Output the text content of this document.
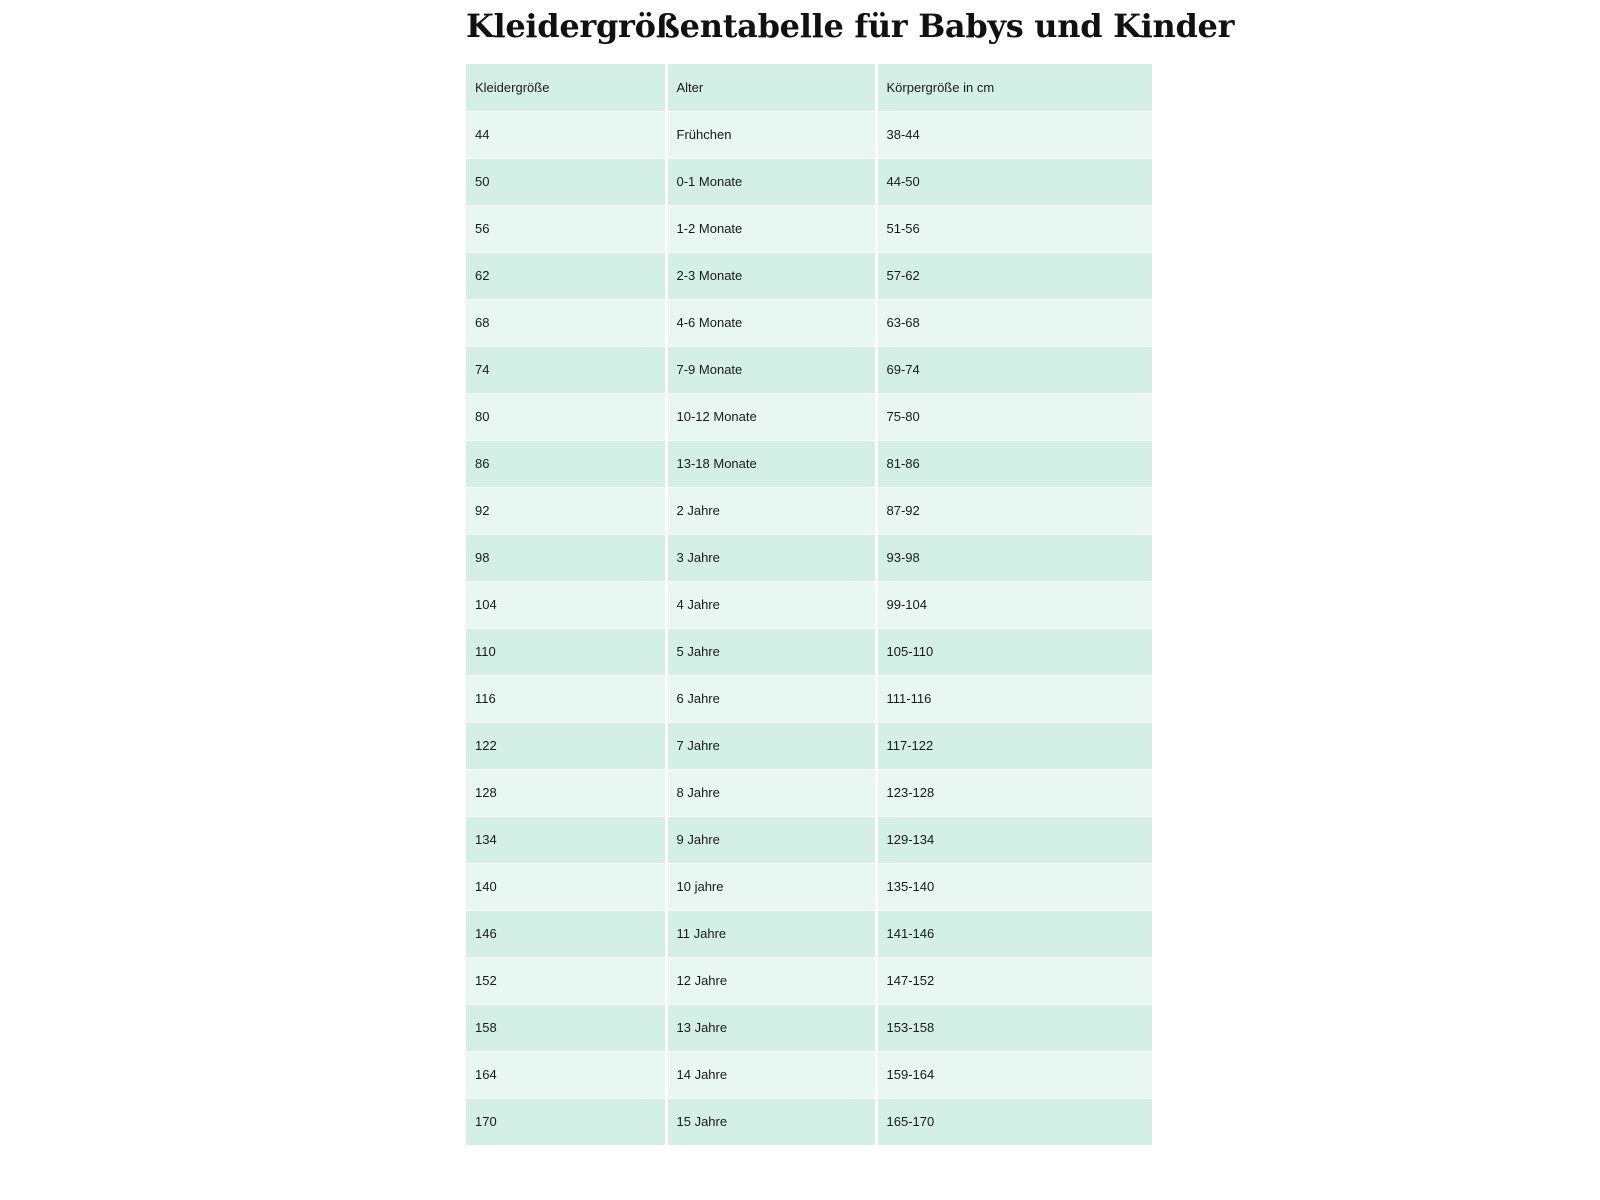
Kleidergrößentabelle für Babys und Kinder
Kleidergröße	Alter	Körpergröße in cm
44	Frühchen	38-44
50	0-1 Monate	44-50
56	1-2 Monate	51-56
62	2-3 Monate	57-62
68	4-6 Monate	63-68
74	7-9 Monate	69-74
80	10-12 Monate	75-80
86	13-18 Monate	81-86
92	2 Jahre	87-92
98	3 Jahre	93-98
104	4 Jahre	99-104
110	5 Jahre	105-110
116	6 Jahre	111-116
122	7 Jahre	117-122
128	8 Jahre	123-128
134	9 Jahre	129-134
140	10 jahre	135-140
146	11 Jahre	141-146
152	12 Jahre	147-152
158	13 Jahre	153-158
164	14 Jahre	159-164
170	15 Jahre	165-170
